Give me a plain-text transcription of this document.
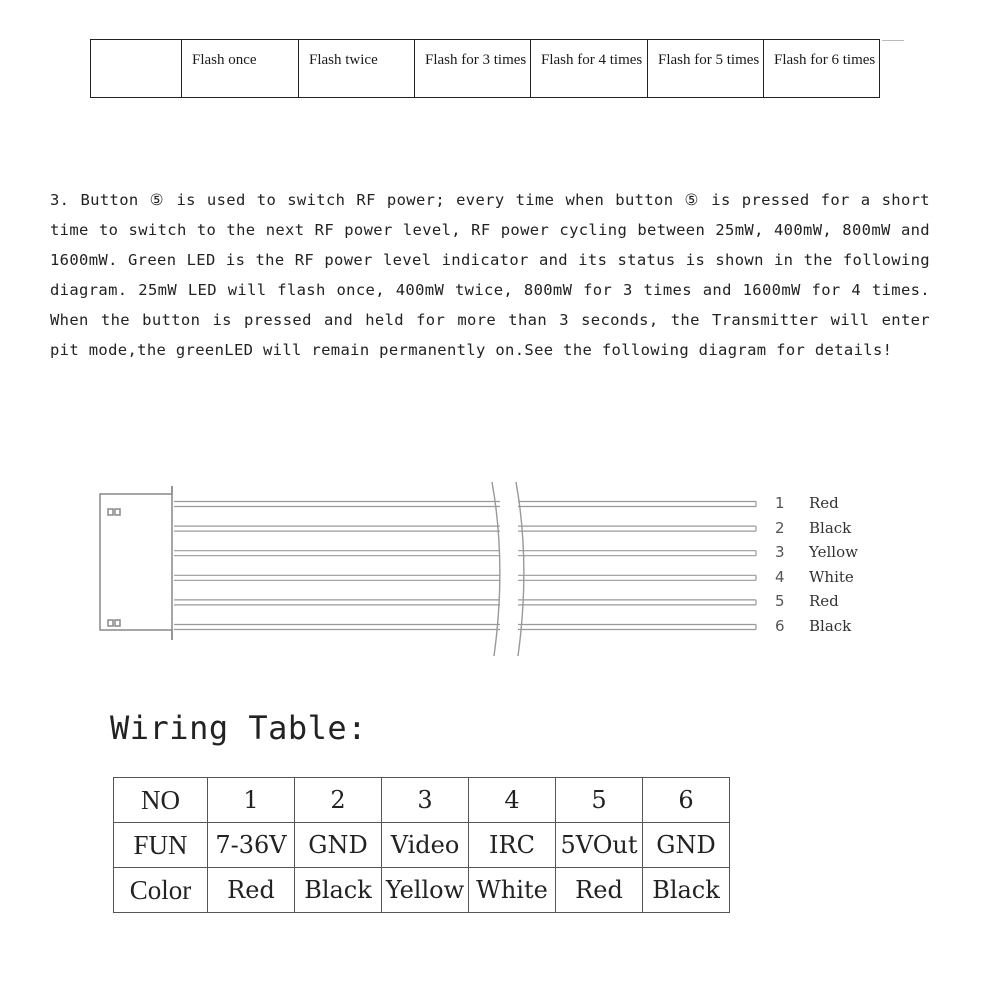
	Flash once	Flash twice	Flash for 3 times	Flash for 4 times	Flash for 5 times	Flash for 6 times

3. Button ⑤ is used to switch RF power; every time when button ⑤ is pressed for a short time to switch to the next RF power level, RF power cycling between 25mW, 400mW, 800mW and 1600mW. Green LED is the RF power level indicator and its status is shown in the following diagram. 25mW LED will flash once, 400mW twice, 800mW for 3 times and 1600mW for 4 times. When the button is pressed and held for more than 3 seconds, the Transmitter will enter pit mode,the greenLED will remain permanently on.See the following diagram for details!

1 Red
2 Black
3 Yellow
4 White
5 Red
6 Black
Wiring Table:
NO	1	2	3	4	5	6
FUN	7-36V	GND	Video	IRC	5VOut	GND
Color	Red	Black	Yellow	White	Red	Black
